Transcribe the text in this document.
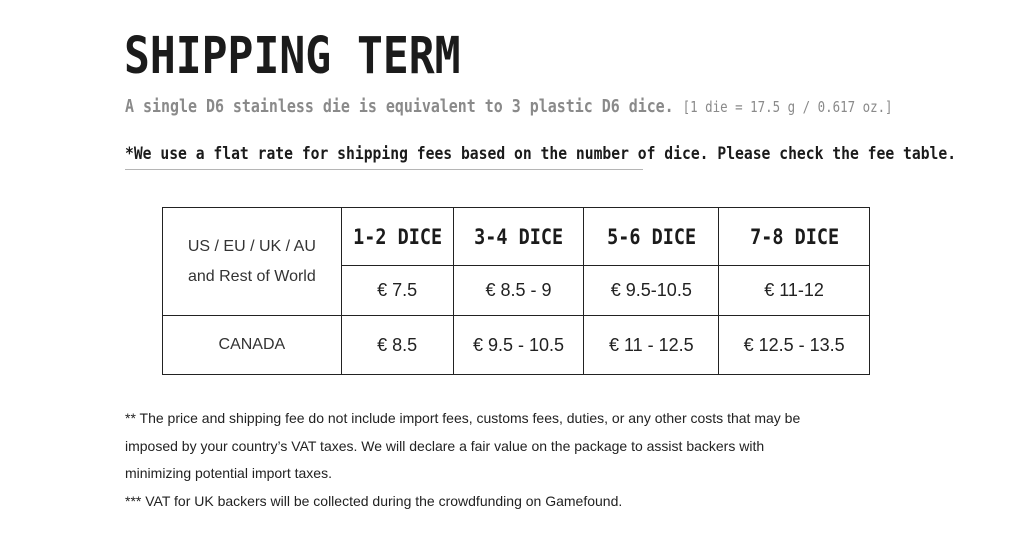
SHIPPING TERM
A single D6 stainless die is equivalent to 3 plastic D6 dice. [1 die = 17.5 g / 0.617 oz.]
*We use a flat rate for shipping fees based on the number of dice. Please check the fee table.
US / EU / UK / AU
and Rest of World	1-2 DICE	3-4 DICE	5-6 DICE	7-8 DICE
	€ 7.5	€ 8.5 - 9	€ 9.5-10.5	€ 11-12
CANADA	€ 8.5	€ 9.5 - 10.5	€ 11 - 12.5	€ 12.5 - 13.5

** The price and shipping fee do not include import fees, customs fees, duties, or any other costs that may be

imposed by your country’s VAT taxes. We will declare a fair value on the package to assist backers with

minimizing potential import taxes.

*** VAT for UK backers will be collected during the crowdfunding on Gamefound.
